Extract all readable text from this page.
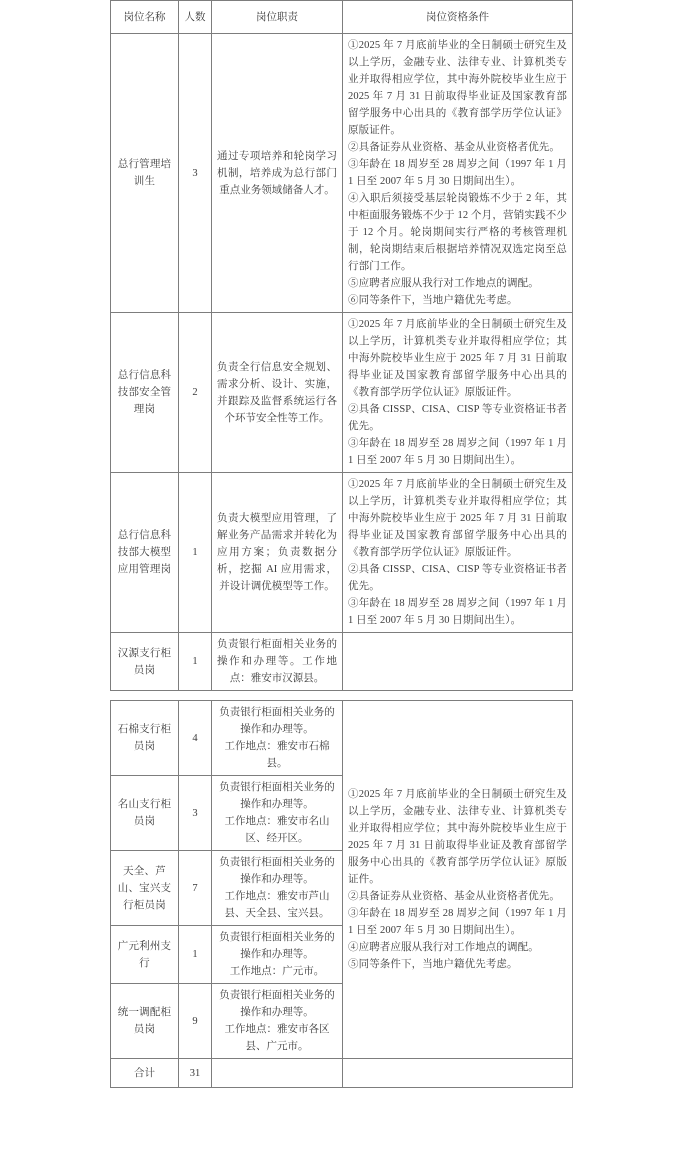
岗位名称	人数	岗位职责	岗位资格条件
总行管理培训生	3	通过专项培养和轮岗学习机制，培养成为总行部门重点业务领域储备人才。	

①2025 年 7 月底前毕业的全日制硕士研究生及以上学历，金融专业、法律专业、计算机类专业并取得相应学位，其中海外院校毕业生应于 2025 年 7 月 31 日前取得毕业证及国家教育部留学服务中心出具的《教育部学历学位认证》原版证件。

②具备证券从业资格、基金从业资格者优先。

③年龄在 18 周岁至 28 周岁之间（1997 年 1 月 1 日至 2007 年 5 月 30 日期间出生）。

④入职后须接受基层轮岗锻炼不少于 2 年，其中柜面服务锻炼不少于 12 个月，营销实践不少于 12 个月。轮岗期间实行严格的考核管理机制，轮岗期结束后根据培养情况双选定岗至总行部门工作。

⑤应聘者应服从我行对工作地点的调配。

⑥同等条件下，当地户籍优先考虑。

总行信息科技部安全管理岗	2	负责全行信息安全规划、需求分析、设计、实施，并跟踪及监督系统运行各个环节安全性等工作。	①2025 年 7 月底前毕业的全日制硕士研究生及以上学历，计算机类专业并取得相应学位；其中海外院校毕业生应于 2025 年 7 月 31 日前取得毕业证及国家教育部留学服务中心出具的《教育部学历学位认证》原版证件。

②具备 CISSP、CISA、CISP 等专业资格证书者优先。

③年龄在 18 周岁至 28 周岁之间（1997 年 1 月 1 日至 2007 年 5 月 30 日期间出生）。

总行信息科技部大模型应用管理岗	1	负责大模型应用管理，了解业务产品需求并转化为应用方案；负责数据分析，挖掘 AI 应用需求，并设计调优模型等工作。	①2025 年 7 月底前毕业的全日制硕士研究生及以上学历，计算机类专业并取得相应学位；其中海外院校毕业生应于 2025 年 7 月 31 日前取得毕业证及国家教育部留学服务中心出具的《教育部学历学位认证》原版证件。

②具备 CISSP、CISA、CISP 等专业资格证书者优先。

③年龄在 18 周岁至 28 周岁之间（1997 年 1 月 1 日至 2007 年 5 月 30 日期间出生）。

汉源支行柜员岗	1	负责银行柜面相关业务的操作和办理等。工作地点：雅安市汉源县。	
石棉支行柜员岗	4	负责银行柜面相关业务的操作和办理等。
工作地点：雅安市石棉县。	

①2025 年 7 月底前毕业的全日制硕士研究生及以上学历，金融专业、法律专业、计算机类专业并取得相应学位；其中海外院校毕业生应于 2025 年 7 月 31 日前取得毕业证及教育部留学服务中心出具的《教育部学历学位认证》原版证件。

②具备证券从业资格、基金从业资格者优先。

③年龄在 18 周岁至 28 周岁之间（1997 年 1 月 1 日至 2007 年 5 月 30 日期间出生）。

④应聘者应服从我行对工作地点的调配。

⑤同等条件下，当地户籍优先考虑。

名山支行柜员岗	3	负责银行柜面相关业务的操作和办理等。
工作地点：雅安市名山区、经开区。	
天全、芦山、宝兴支行柜员岗	7	负责银行柜面相关业务的操作和办理等。
工作地点：雅安市芦山县、天全县、宝兴县。	
广元利州支行	1	负责银行柜面相关业务的操作和办理等。
工作地点：广元市。	
统一调配柜员岗	9	负责银行柜面相关业务的操作和办理等。
工作地点：雅安市各区县、广元市。	
合计	31		
